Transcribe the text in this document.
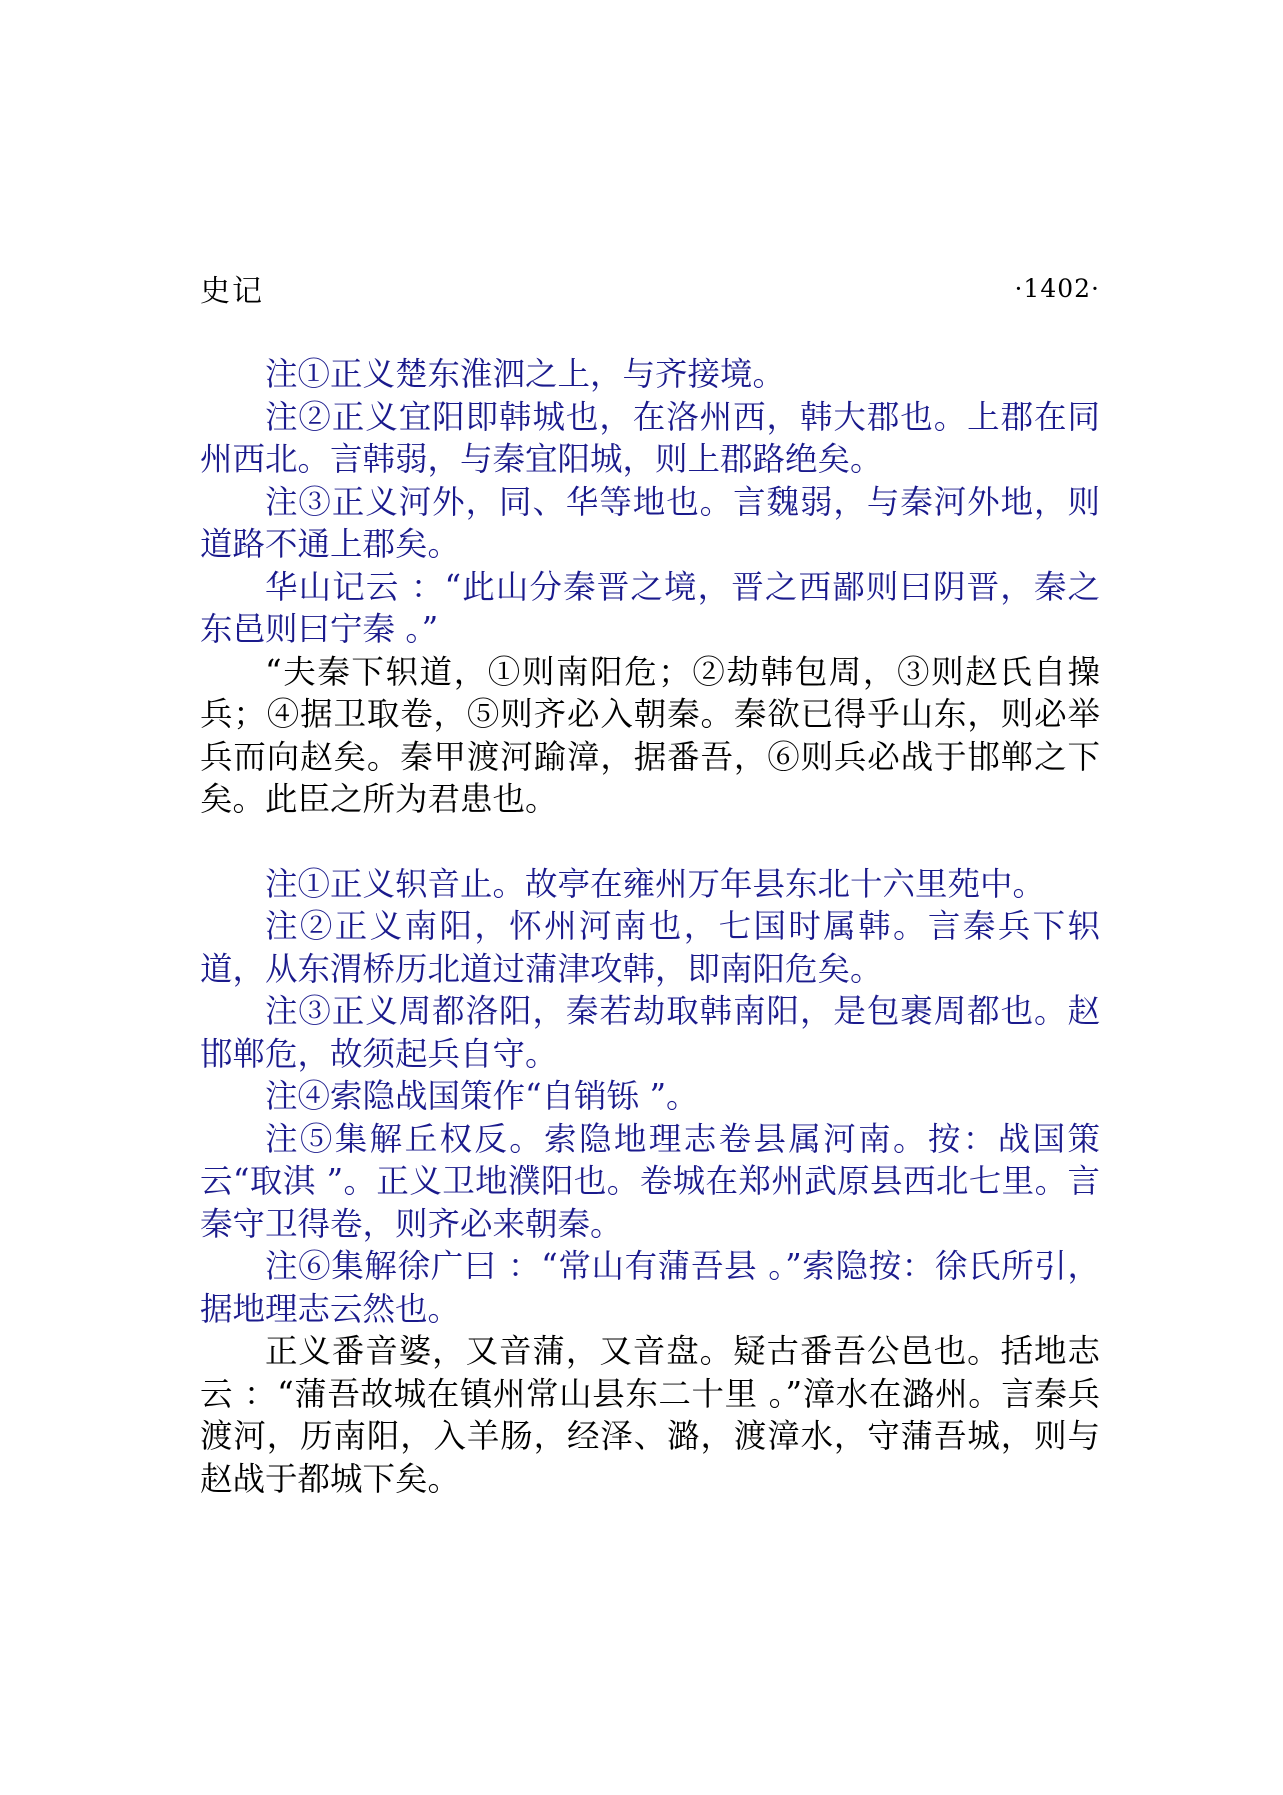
史记	·1402·

注①正义楚东淮泗之上，与齐接境。

注②正义宜阳即韩城也，在洛州西，韩大郡也。上郡在同州西北。言韩弱，与秦宜阳城，则上郡路绝矣。

注③正义河外，同、华等地也。言魏弱，与秦河外地，则道路不通上郡矣。

华山记云 ：“此山分秦晋之境，晋之西鄙则曰阴晋，秦之东邑则曰宁秦 。”

“夫秦下轵道，①则南阳危；②劫韩包周，③则赵氏自操兵；④据卫取卷，⑤则齐必入朝秦。秦欲已得乎山东，则必举兵而向赵矣。秦甲渡河踰漳，据番吾，⑥则兵必战于邯郸之下矣。此臣之所为君患也。

注①正义轵音止。故亭在雍州万年县东北十六里苑中。

注②正义南阳，怀州河南也，七国时属韩。言秦兵下轵道，从东渭桥历北道过蒲津攻韩，即南阳危矣。

注③正义周都洛阳，秦若劫取韩南阳，是包裹周都也。赵邯郸危，故须起兵自守。

注④索隐战国策作“自销铄 ”。

注⑤集解丘权反。索隐地理志卷县属河南。按：战国策云“取淇 ”。正义卫地濮阳也。卷城在郑州武原县西北七里。言秦守卫得卷，则齐必来朝秦。

注⑥集解徐广曰 ：“常山有蒲吾县 。”索隐按：徐氏所引，据地理志云然也。

正义番音婆，又音蒲，又音盘。疑古番吾公邑也。括地志云 ：“蒲吾故城在镇州常山县东二十里 。”漳水在潞州。言秦兵渡河，历南阳，入羊肠，经泽、潞，渡漳水，守蒲吾城，则与赵战于都城下矣。
